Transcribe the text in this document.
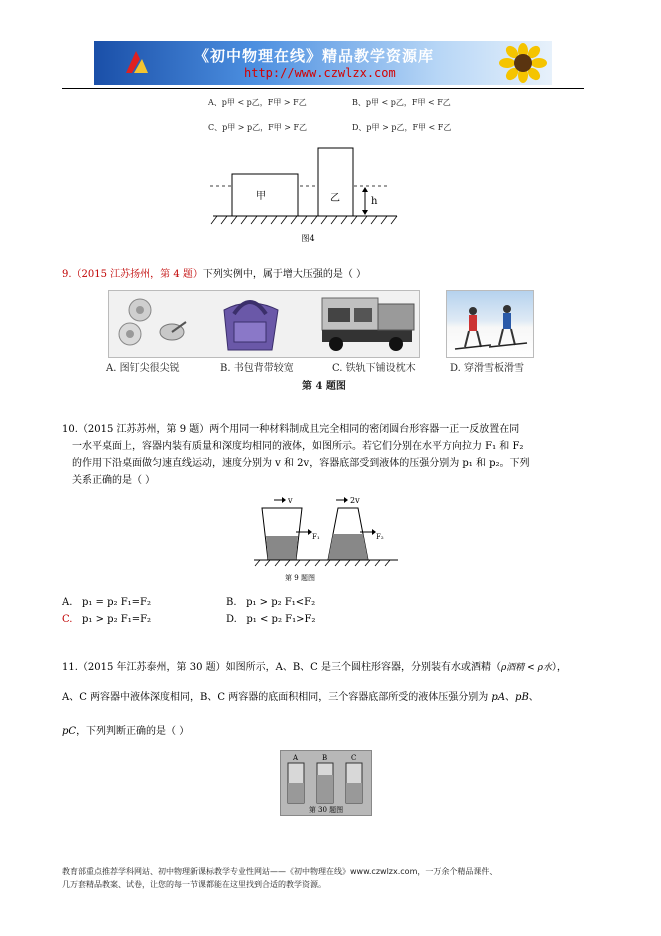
《初中物理在线》精品教学资源库
http://www.czwlzx.com
A、p甲 < p乙，F甲 > F乙	B、p甲 < p乙，F甲 < F乙
C、p甲 > p乙，F甲 > F乙	D、p甲 > p乙，F甲 < F乙
甲	乙	h
图4
9.（2015 江苏扬州，第 4 题）下列实例中，属于增大压强的是（ ）
A. 图钉尖很尖锐	B. 书包背带较宽	C. 铁轨下铺设枕木	D. 穿滑雪板滑雪
第 4 题图
10.（2015 江苏苏州，第 9 题）两个用同一种材料制成且完全相同的密闭圆台形容器一正一反放置在同
一水平桌面上，容器内装有质量和深度均相同的液体，如图所示。若它们分别在水平方向拉力 F₁ 和 F₂
的作用下沿桌面做匀速直线运动，速度分别为 v 和 2v，容器底部受到液体的压强分别为 p₁ 和 p₂。下列
关系正确的是（ ）
v	2v
F₁	F₂
第 9 题图
A. p₁ = p₂ F₁=F₂	B. p₁ > p₂ F₁<F₂
C. p₁ > p₂ F₁=F₂	D. p₁ < p₂ F₁>F₂
11.（2015 年江苏泰州，第 30 题）如图所示，A、B、C 是三个圆柱形容器，分别装有水或酒精（ρ酒精 < ρ水），
A、C 两容器中液体深度相同，B、C 两容器的底面积相同，三个容器底部所受的液体压强分别为 pA、pB、
pC，下列判断正确的是（ ）
A	B	C
第 30 题图
教育部重点推荐学科网站、初中物理新课标教学专业性网站——《初中物理在线》www.czwlzx.com，一万余个精品课件、
几万套精品教案、试卷，让您的每一节课都能在这里找到合适的教学资源。
